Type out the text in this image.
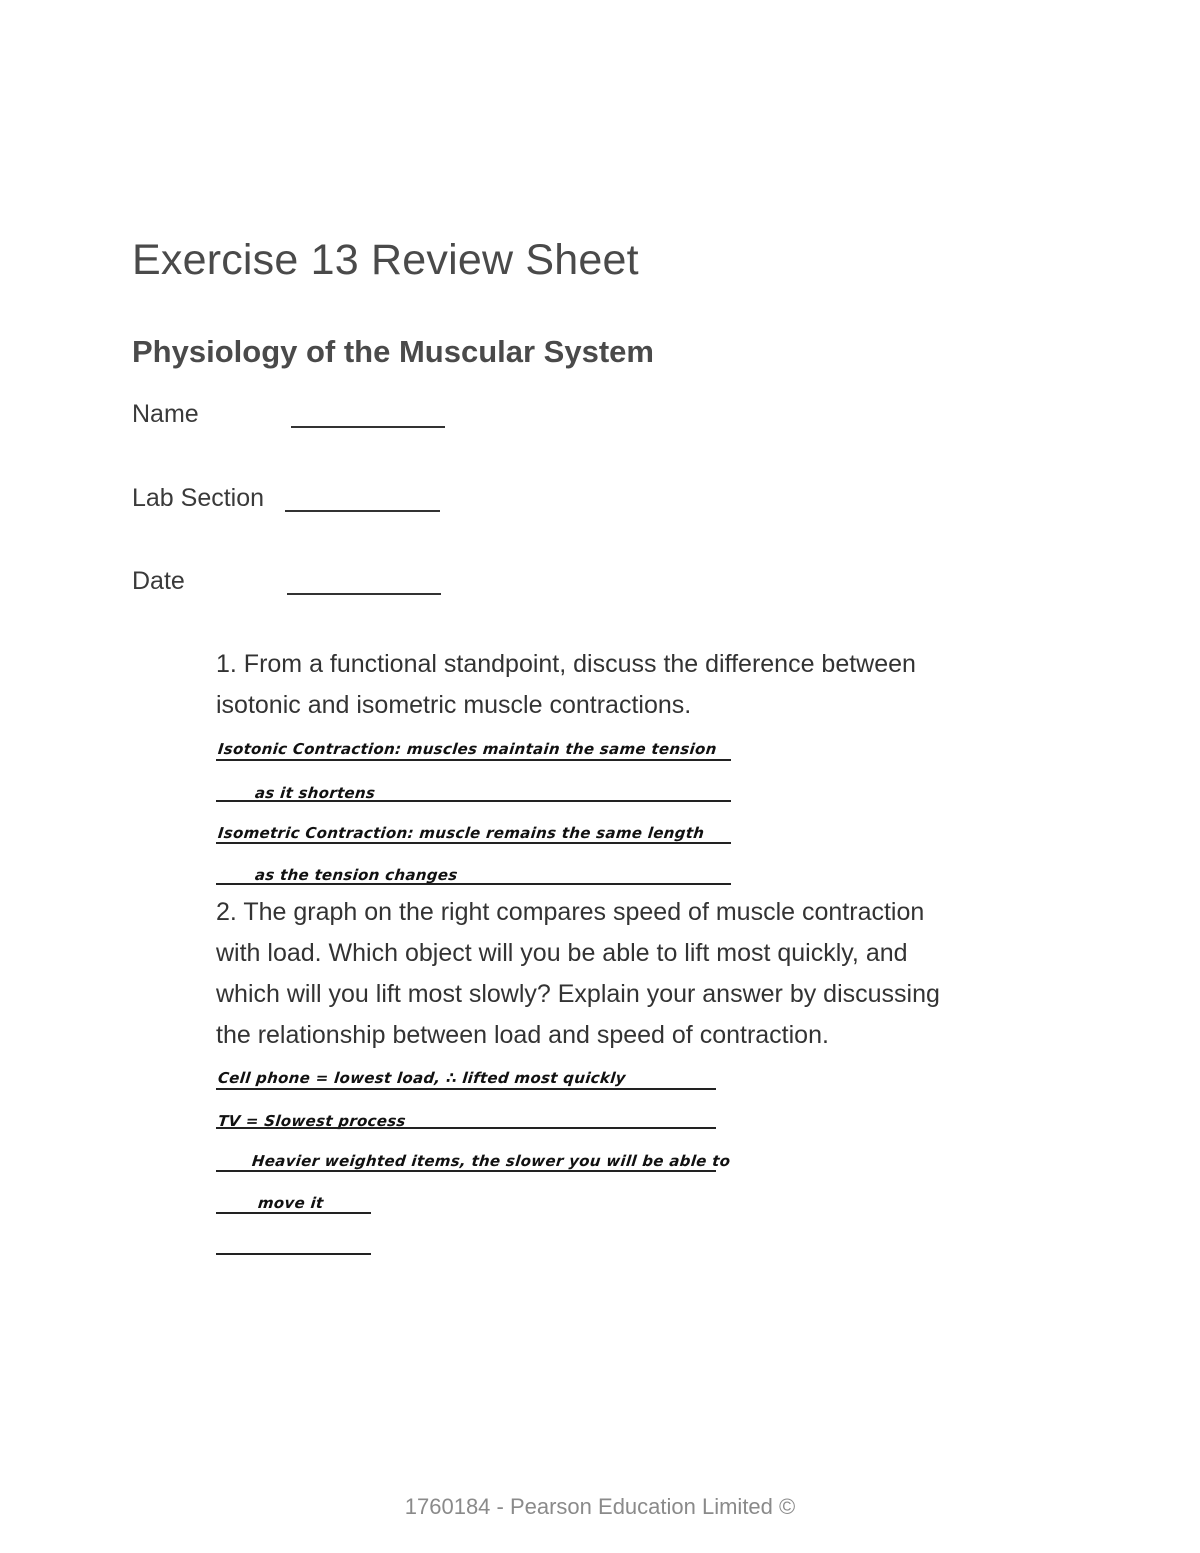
Exercise 13 Review Sheet
Physiology of the Muscular System
Name
Lab Section
Date
1. From a functional standpoint, discuss the difference between
isotonic and isometric muscle contractions.
Isotonic Contraction: muscles maintain the same tension
as it shortens
Isometric Contraction: muscle remains the same length
as the tension changes
2. The graph on the right compares speed of muscle contraction
with load. Which object will you be able to lift most quickly, and
which will you lift most slowly? Explain your answer by discussing
the relationship between load and speed of contraction.
Cell phone = lowest load, ∴ lifted most quickly
TV = Slowest process
Heavier weighted items, the slower you will be able to
move it
1760184 - Pearson Education Limited ©
